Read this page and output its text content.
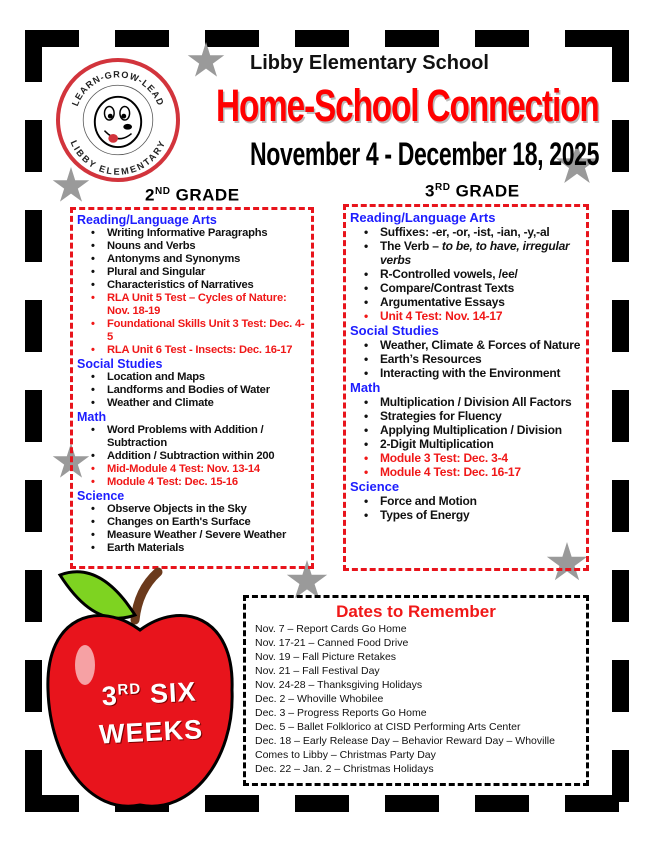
LEARN-GROW-LEAD
LIBBY ELEMENTARY
Libby Elementary School
Home-School Connection
November 4 - December 18, 2025
2ND GRADE	3RD GRADE
Reading/Language Arts
• Writing Informative Paragraphs
• Nouns and Verbs
• Antonyms and Synonyms
• Plural and Singular
• Characteristics of Narratives
• RLA Unit 5 Test – Cycles of Nature: Nov. 18-19
• Foundational Skills Unit 3 Test: Dec. 4-5
• RLA Unit 6 Test - Insects: Dec. 16-17
Social Studies
• Location and Maps
• Landforms and Bodies of Water
• Weather and Climate
Math
• Word Problems with Addition / Subtraction
• Addition / Subtraction within 200
• Mid-Module 4 Test: Nov. 13-14
• Module 4 Test: Dec. 15-16
Science
• Observe Objects in the Sky
• Changes on Earth's Surface
• Measure Weather / Severe Weather
• Earth Materials
Reading/Language Arts
• Suffixes: -er, -or, -ist, -ian, -y,-al
• The Verb – to be, to have, irregular verbs
• R-Controlled vowels, /ee/
• Compare/Contrast Texts
• Argumentative Essays
• Unit 4 Test: Nov. 14-17
Social Studies
• Weather, Climate & Forces of Nature
• Earth’s Resources
• Interacting with the Environment
Math
• Multiplication / Division All Factors
• Strategies for Fluency
• Applying Multiplication / Division
• 2-Digit Multiplication
• Module 3 Test: Dec. 3-4
• Module 4 Test: Dec. 16-17
Science
• Force and Motion
• Types of Energy
Dates to Remember
Nov. 7 – Report Cards Go Home
Nov. 17-21 – Canned Food Drive
Nov. 19 – Fall Picture Retakes
Nov. 21 – Fall Festival Day
Nov. 24-28 – Thanksgiving Holidays
Dec. 2 – Whoville Whobilee
Dec. 3 – Progress Reports Go Home
Dec. 5 – Ballet Folklorico at CISD Performing Arts Center
Dec. 18 – Early Release Day – Behavior Reward Day – Whoville
Comes to Libby – Christmas Party Day
Dec. 22 – Jan. 2 – Christmas Holidays
3RD SIX
WEEKS
